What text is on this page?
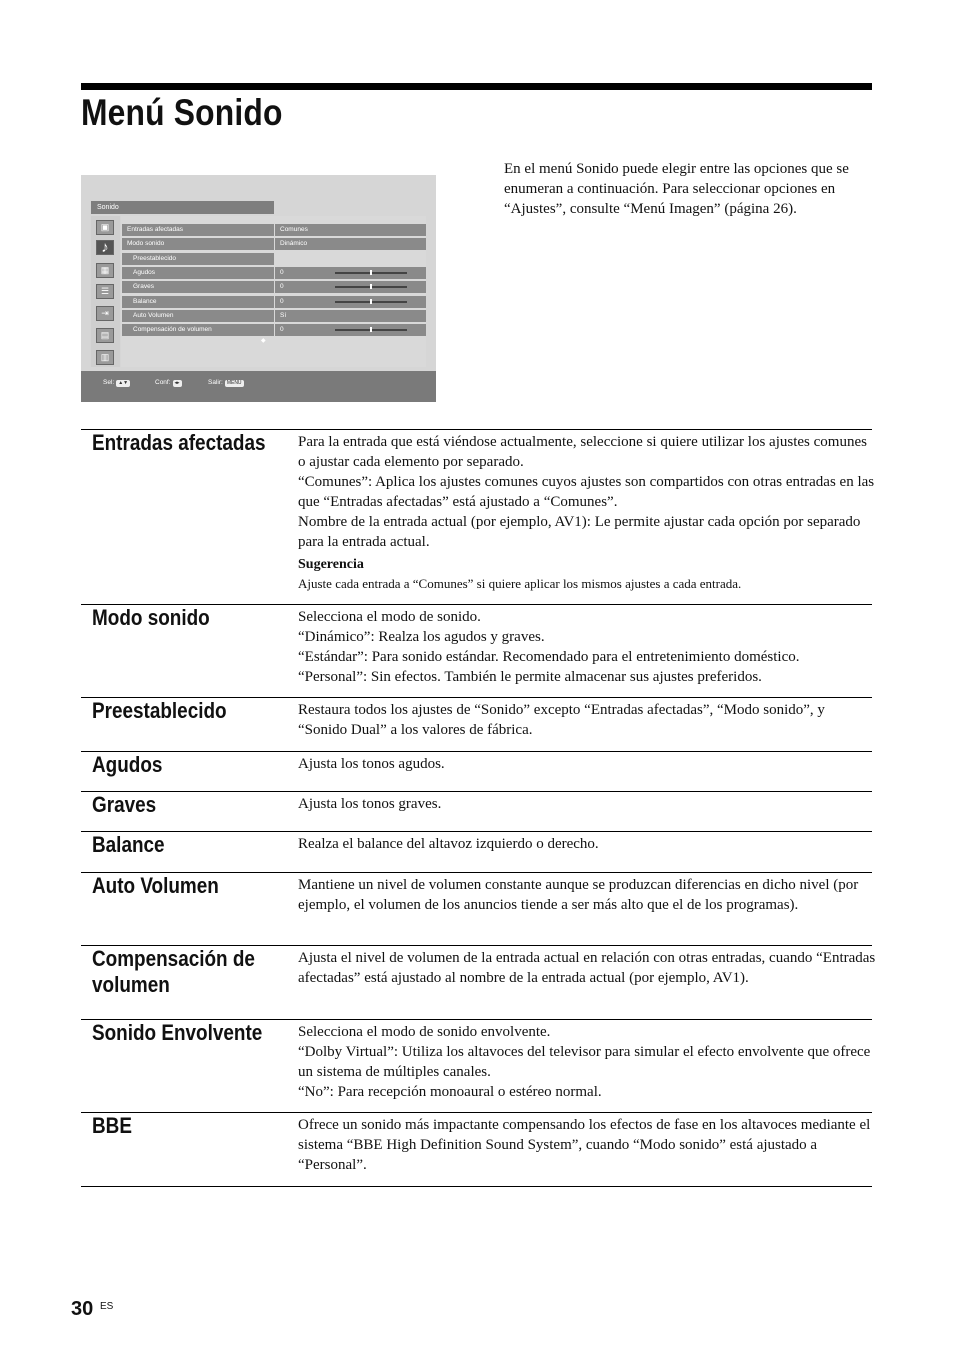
Menú Sonido
En el menú Sonido puede elegir entre las opciones que se enumeran a continuación. Para seleccionar opciones en “Ajustes”, consulte “Menú Imagen” (página 26).
Sonido
▣
♪
▦
☰
⇥
▤
▥
◆
Sel: ▲▼	Conf: ◂▸	Salir: MENU
Entradas afectadas	Comunes
Modo sonido	Dinámico
Preestablecido
Agudos	0
Graves	0
Balance	0
Auto Volumen	Sí
Compensación de volumen	0
Entradas afectadas	Para la entrada que está viéndose actualmente, seleccione si quiere utilizar los ajustes comunes o ajustar cada elemento por separado.

“Comunes”: Aplica los ajustes comunes cuyos ajustes son compartidos con otras entradas en las que “Entradas afectadas” está ajustado a “Comunes”.

Nombre de la entrada actual (por ejemplo, AV1): Le permite ajustar cada opción por separado para la entrada actual.

Sugerencia

Ajuste cada entrada a “Comunes” si quiere aplicar los mismos ajustes a cada entrada.

Modo sonido	Selecciona el modo de sonido.

“Dinámico”: Realza los agudos y graves.

“Estándar”: Para sonido estándar. Recomendado para el entretenimiento doméstico.

“Personal”: Sin efectos. También le permite almacenar sus ajustes preferidos.

Preestablecido	Restaura todos los ajustes de “Sonido” excepto “Entradas afectadas”, “Modo sonido”, y “Sonido Dual” a los valores de fábrica.

Agudos	Ajusta los tonos agudos.

Graves	Ajusta los tonos graves.

Balance	Realza el balance del altavoz izquierdo o derecho.

Auto Volumen	Mantiene un nivel de volumen constante aunque se produzcan diferencias en dicho nivel (por ejemplo, el volumen de los anuncios tiende a ser más alto que el de los programas).

Compensación de volumen

Ajusta el nivel de volumen de la entrada actual en relación con otras entradas, cuando “Entradas afectadas” está ajustado al nombre de la entrada actual (por ejemplo, AV1).

Sonido Envolvente	Selecciona el modo de sonido envolvente.

“Dolby Virtual”: Utiliza los altavoces del televisor para simular el efecto envolvente que ofrece un sistema de múltiples canales.

“No”: Para recepción monoaural o estéreo normal.

BBE	Ofrece un sonido más impactante compensando los efectos de fase en los altavoces mediante el sistema “BBE High Definition Sound System”, cuando “Modo sonido” está ajustado a “Personal”.

30 ES
